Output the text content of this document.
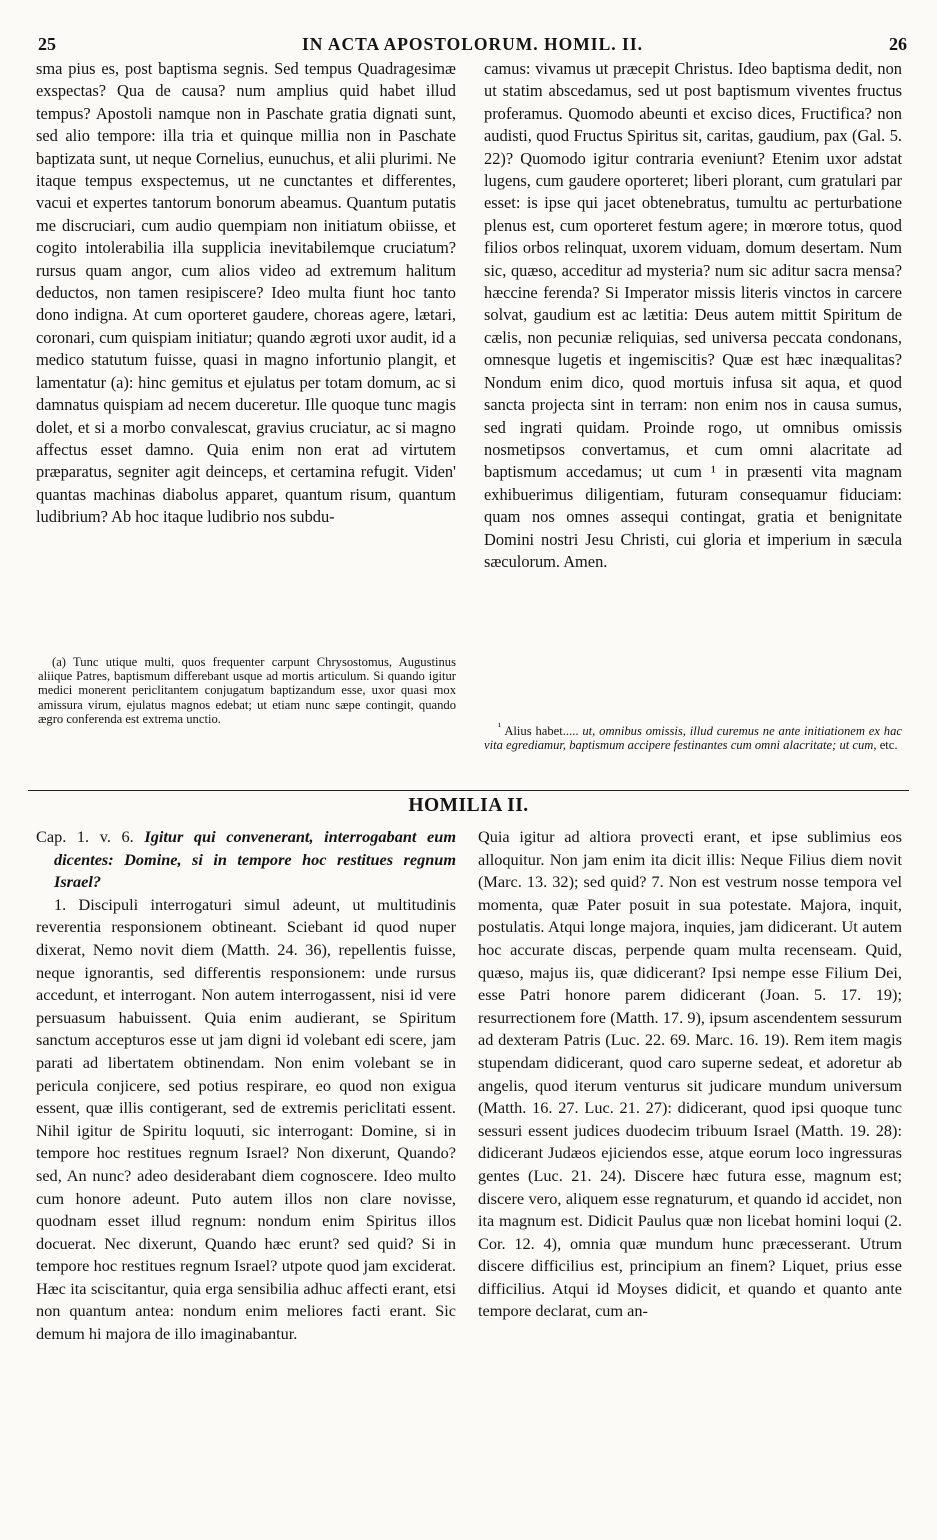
25	IN ACTA APOSTOLORUM. HOMIL. II.	26

sma pius es, post baptisma segnis. Sed tempus Quadragesimæ exspectas? Qua de causa? num amplius quid habet illud tempus? Apostoli namque non in Paschate gratia dignati sunt, sed alio tempore: illa tria et quinque millia non in Paschate baptizata sunt, ut neque Cornelius, eunuchus, et alii plurimi. Ne itaque tempus exspectemus, ut ne cunctantes et differentes, vacui et expertes tantorum bonorum abeamus. Quantum putatis me discruciari, cum audio quempiam non initiatum obiisse, et cogito intolerabilia illa supplicia inevitabilemque cruciatum? rursus quam angor, cum alios video ad extremum halitum deductos, non tamen resipiscere? Ideo multa fiunt hoc tanto dono indigna. At cum oporteret gaudere, choreas agere, lætari, coronari, cum quispiam initiatur; quando ægroti uxor audit, id a medico statutum fuisse, quasi in magno infortunio plangit, et lamentatur (a): hinc gemitus et ejulatus per totam domum, ac si damnatus quispiam ad necem duceretur. Ille quoque tunc magis dolet, et si a morbo convalescat, gravius cruciatur, ac si magno affectus esset damno. Quia enim non erat ad virtutem præparatus, segniter agit deinceps, et certamina refugit. Viden' quantas machinas diabolus apparet, quantum risum, quantum ludibrium? Ab hoc itaque ludibrio nos subdu-

camus: vivamus ut præcepit Christus. Ideo baptisma dedit, non ut statim abscedamus, sed ut post baptismum viventes fructus proferamus. Quomodo abeunti et exciso dices, Fructifica? non audisti, quod Fructus Spiritus sit, caritas, gaudium, pax (Gal. 5. 22)? Quomodo igitur contraria eveniunt? Etenim uxor adstat lugens, cum gaudere oporteret; liberi plorant, cum gratulari par esset: is ipse qui jacet obtenebratus, tumultu ac perturbatione plenus est, cum oporteret festum agere; in mœrore totus, quod filios orbos relinquat, uxorem viduam, domum desertam. Num sic, quæso, acceditur ad mysteria? num sic aditur sacra mensa? hæccine ferenda? Si Imperator missis literis vinctos in carcere solvat, gaudium est ac lætitia: Deus autem mittit Spiritum de cælis, non pecuniæ reliquias, sed universa peccata condonans, omnesque lugetis et ingemiscitis? Quæ est hæc inæqualitas? Nondum enim dico, quod mortuis infusa sit aqua, et quod sancta projecta sint in terram: non enim nos in causa sumus, sed ingrati quidam. Proinde rogo, ut omnibus omissis nosmetipsos convertamus, et cum omni alacritate ad baptismum accedamus; ut cum ¹ in præsenti vita magnam exhibuerimus diligentiam, futuram consequamur fiduciam: quam nos omnes assequi contingat, gratia et benignitate Domini nostri Jesu Christi, cui gloria et imperium in sæcula sæculorum. Amen.

(a) Tunc utique multi, quos frequenter carpunt Chrysostomus, Augustinus aliique Patres, baptismum differebant usque ad mortis articulum. Si quando igitur medici monerent periclitantem conjugatum baptizandum esse, uxor quasi mox amissura virum, ejulatus magnos edebat; ut etiam nunc sæpe contingit, quando ægro conferenda est extrema unctio.

$^{^1}$ Alius habet..... ut, omnibus omissis, illud curemus ne ante initiationem ex hac vita egrediamur, baptismum accipere festinantes cum omni alacritate; ut cum, etc.

HOMILIA II.

Cap. 1. v. 6. Igitur qui convenerant, interrogabant eum dicentes: Domine, si in tempore hoc restitues regnum Israel?

1. Discipuli interrogaturi simul adeunt, ut multitudinis reverentia responsionem obtineant. Sciebant id quod nuper dixerat, Nemo novit diem (Matth. 24. 36), repellentis fuisse, neque ignorantis, sed differentis responsionem: unde rursus accedunt, et interrogant. Non autem interrogassent, nisi id vere persuasum habuissent. Quia enim audierant, se Spiritum sanctum accepturos esse ut jam digni id volebant edi scere, jam parati ad libertatem obtinendam. Non enim volebant se in pericula conjicere, sed potius respirare, eo quod non exigua essent, quæ illis contigerant, sed de extremis periclitati essent. Nihil igitur de Spiritu loquuti, sic interrogant: Domine, si in tempore hoc restitues regnum Israel? Non dixerunt, Quando? sed, An nunc? adeo desiderabant diem cognoscere. Ideo multo cum honore adeunt. Puto autem illos non clare novisse, quodnam esset illud regnum: nondum enim Spiritus illos docuerat. Nec dixerunt, Quando hæc erunt? sed quid? Si in tempore hoc restitues regnum Israel? utpote quod jam exciderat. Hæc ita sciscitantur, quia erga sensibilia adhuc affecti erant, etsi non quantum antea: nondum enim meliores facti erant. Sic demum hi majora de illo imaginabantur.

Quia igitur ad altiora provecti erant, et ipse sublimius eos alloquitur. Non jam enim ita dicit illis: Neque Filius diem novit (Marc. 13. 32); sed quid? 7. Non est vestrum nosse tempora vel momenta, quæ Pater posuit in sua potestate. Majora, inquit, postulatis. Atqui longe majora, inquies, jam didicerant. Ut autem hoc accurate discas, perpende quam multa recenseam. Quid, quæso, majus iis, quæ didicerant? Ipsi nempe esse Filium Dei, esse Patri honore parem didicerant (Joan. 5. 17. 19); resurrectionem fore (Matth. 17. 9), ipsum ascendentem sessurum ad dexteram Patris (Luc. 22. 69. Marc. 16. 19). Rem item magis stupendam didicerant, quod caro superne sedeat, et adoretur ab angelis, quod iterum venturus sit judicare mundum universum (Matth. 16. 27. Luc. 21. 27): didicerant, quod ipsi quoque tunc sessuri essent judices duodecim tribuum Israel (Matth. 19. 28): didicerant Judæos ejiciendos esse, atque eorum loco ingressuras gentes (Luc. 21. 24). Discere hæc futura esse, magnum est; discere vero, aliquem esse regnaturum, et quando id accidet, non ita magnum est. Didicit Paulus quæ non licebat homini loqui (2. Cor. 12. 4), omnia quæ mundum hunc præcesserant. Utrum discere difficilius est, principium an finem? Liquet, prius esse difficilius. Atqui id Moyses didicit, et quando et quanto ante tempore declarat, cum an-
